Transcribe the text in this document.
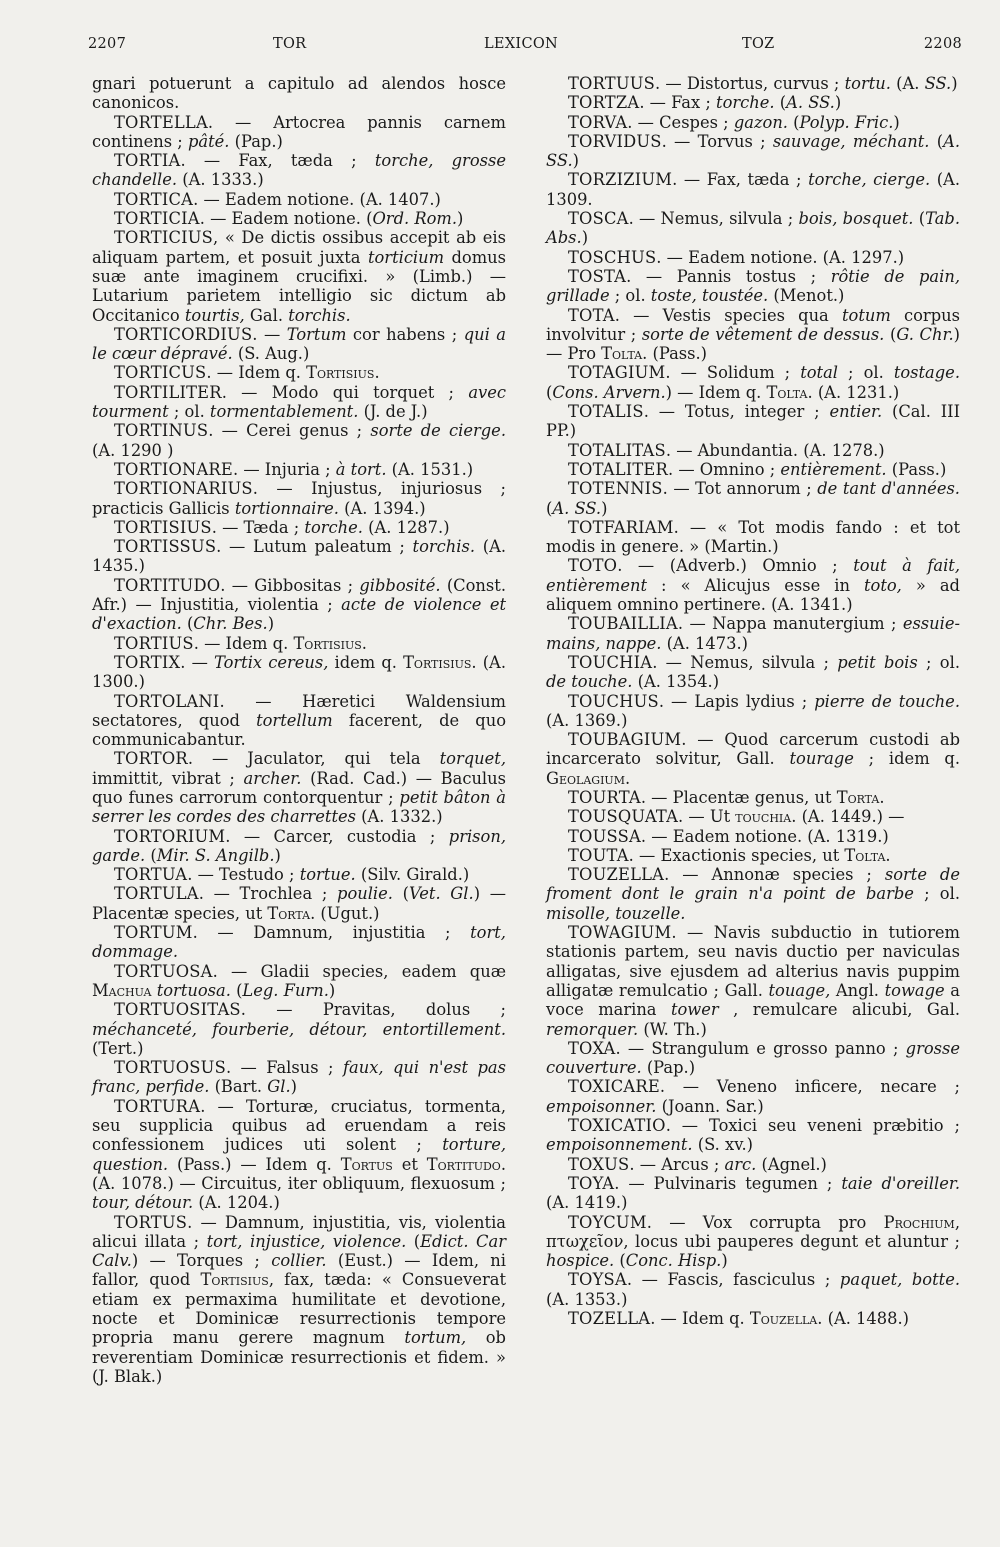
2207	TOR	LEXICON	TOZ	2208

gnari potuerunt a capitulo ad alendos hosce canonicos.

TORTELLA. — Artocrea pannis carnem continens ; pâté. (Pap.)

TORTIA. — Fax, tæda ; torche, grosse chandelle. (A. 1333.)

TORTICA. — Eadem notione. (A. 1407.)

TORTICIA. — Eadem notione. (Ord. Rom.)

TORTICIUS, « De dictis ossibus accepit ab eis aliquam partem, et posuit juxta torticium domus suæ ante imaginem crucifixi. » (Limb.) — Lutarium parietem intelligio sic dictum ab Occitanico tourtis, Gal. torchis.

TORTICORDIUS. — Tortum cor habens ; qui a le cœur dépravé. (S. Aug.)

TORTICUS. — Idem q. Tortisius.

TORTILITER. — Modo qui torquet ; avec tourment ; ol. tormentablement. (J. de J.)

TORTINUS. — Cerei genus ; sorte de cierge. (A. 1290 )

TORTIONARE. — Injuria ; à tort. (A. 1531.)

TORTIONARIUS. — Injustus, injuriosus ; practicis Gallicis tortionnaire. (A. 1394.)

TORTISIUS. — Tæda ; torche. (A. 1287.)

TORTISSUS. — Lutum paleatum ; torchis. (A. 1435.)

TORTITUDO. — Gibbositas ; gibbosité. (Const. Afr.) — Injustitia, violentia ; acte de violence et d'exaction. (Chr. Bes.)

TORTIUS. — Idem q. Tortisius.

TORTIX. — Tortix cereus, idem q. Tortisius. (A. 1300.)

TORTOLANI. — Hæretici Waldensium sectatores, quod tortellum facerent, de quo communicabantur.

TORTOR. — Jaculator, qui tela torquet, immittit, vibrat ; archer. (Rad. Cad.) — Baculus quo funes carrorum contorquentur ; petit bâton à serrer les cordes des charrettes (A. 1332.)

TORTORIUM. — Carcer, custodia ; prison, garde. (Mir. S. Angilb.)

TORTUA. — Testudo ; tortue. (Silv. Girald.)

TORTULA. — Trochlea ; poulie. (Vet. Gl.) — Placentæ species, ut Torta. (Ugut.)

TORTUM. — Damnum, injustitia ; tort, dommage.

TORTUOSA. — Gladii species, eadem quæ Machua tortuosa. (Leg. Furn.)

TORTUOSITAS. — Pravitas, dolus ; méchanceté, fourberie, détour, entortillement. (Tert.)

TORTUOSUS. — Falsus ; faux, qui n'est pas franc, perfide. (Bart. Gl.)

TORTURA. — Torturæ, cruciatus, tormenta, seu supplicia quibus ad eruendam a reis confessionem judices uti solent ; torture, question. (Pass.) — Idem q. Tortus et Tortitudo. (A. 1078.) — Circuitus, iter obliquum, flexuosum ; tour, détour. (A. 1204.)

TORTUS. — Damnum, injustitia, vis, violentia alicui illata ; tort, injustice, violence. (Edict. Car Calv.) — Torques ; collier. (Eust.) — Idem, ni fallor, quod Tortisius, fax, tæda: « Consueverat etiam ex permaxima humilitate et devotione, nocte et Dominicæ resurrectionis tempore propria manu gerere magnum tortum, ob reverentiam Dominicæ resurrectionis et fidem. » (J. Blak.)

TORTUUS. — Distortus, curvus ; tortu. (A. SS.)

TORTZA. — Fax ; torche. (A. SS.)

TORVA. — Cespes ; gazon. (Polyp. Fric.)

TORVIDUS. — Torvus ; sauvage, méchant. (A. SS.)

TORZIZIUM. — Fax, tæda ; torche, cierge. (A. 1309.

TOSCA. — Nemus, silvula ; bois, bosquet. (Tab. Abs.)

TOSCHUS. — Eadem notione. (A. 1297.)

TOSTA. — Pannis tostus ; rôtie de pain, grillade ; ol. toste, toustée. (Menot.)

TOTA. — Vestis species qua totum corpus involvitur ; sorte de vêtement de dessus. (G. Chr.) — Pro Tolta. (Pass.)

TOTAGIUM. — Solidum ; total ; ol. tostage. (Cons. Arvern.) — Idem q. Tolta. (A. 1231.)

TOTALIS. — Totus, integer ; entier. (Cal. III PP.)

TOTALITAS. — Abundantia. (A. 1278.)

TOTALITER. — Omnino ; entièrement. (Pass.)

TOTENNIS. — Tot annorum ; de tant d'années. (A. SS.)

TOTFARIAM. — « Tot modis fando : et tot modis in genere. » (Martin.)

TOTO. — (Adverb.) Omnio ; tout à fait, entièrement : « Alicujus esse in toto, » ad aliquem omnino pertinere. (A. 1341.)

TOUBAILLIA. — Nappa manutergium ; essuie-mains, nappe. (A. 1473.)

TOUCHIA. — Nemus, silvula ; petit bois ; ol. de touche. (A. 1354.)

TOUCHUS. — Lapis lydius ; pierre de touche. (A. 1369.)

TOUBAGIUM. — Quod carcerum custodi ab incarcerato solvitur, Gall. tourage ; idem q. Geolagium.

TOURTA. — Placentæ genus, ut Torta.

TOUSQUATA. — Ut touchia. (A. 1449.) —

TOUSSA. — Eadem notione. (A. 1319.)

TOUTA. — Exactionis species, ut Tolta.

TOUZELLA. — Annonæ species ; sorte de froment dont le grain n'a point de barbe ; ol. misolle, touzelle.

TOWAGIUM. — Navis subductio in tutiorem stationis partem, seu navis ductio per naviculas alligatas, sive ejusdem ad alterius navis puppim alligatæ remulcatio ; Gall. touage, Angl. towage a voce marina tower , remulcare alicubi, Gal. remorquer. (W. Th.)

TOXA. — Strangulum e grosso panno ; grosse couverture. (Pap.)

TOXICARE. — Veneno inficere, necare ; empoisonner. (Joann. Sar.)

TOXICATIO. — Toxici seu veneni præbitio ; empoisonnement. (S. xv.)

TOXUS. — Arcus ; arc. (Agnel.)

TOYA. — Pulvinaris tegumen ; taie d'oreiller. (A. 1419.)

TOYCUM. — Vox corrupta pro Prochium, πτωχεῖον, locus ubi pauperes degunt et aluntur ; hospice. (Conc. Hisp.)

TOYSA. — Fascis, fasciculus ; paquet, botte. (A. 1353.)

TOZELLA. — Idem q. Touzella. (A. 1488.)
